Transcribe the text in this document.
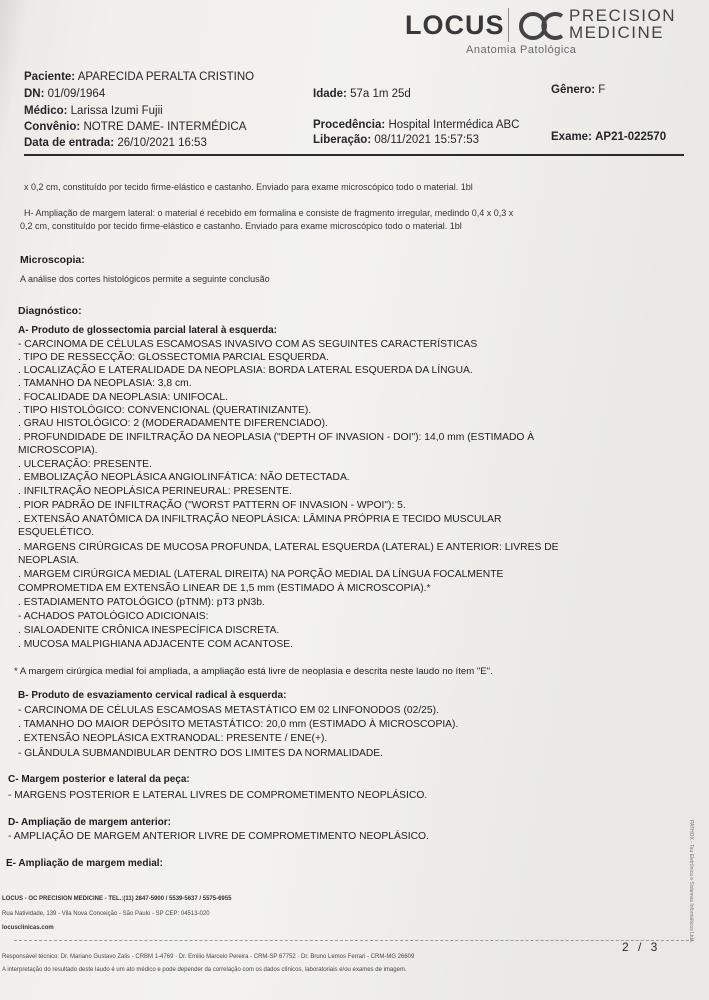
LOCUS	PRECISION
MEDICINE
Anatomia Patológica
Paciente: APARECIDA PERALTA CRISTINO
DN: 01/09/1964	Idade: 57a 1m 25d	Gênero: F
Médico: Larissa Izumi Fujii
Convênio: NOTRE DAME- INTERMÉDICA	Procedência: Hospital Intermédica ABC
Data de entrada: 26/10/2021 16:53	Liberação: 08/11/2021 15:57:53	Exame: AP21-022570
x 0,2 cm, constituído por tecido firme-elástico e castanho. Enviado para exame microscópico todo o material. 1bl
H- Ampliação de margem lateral: o material é recebido em formalina e consiste de fragmento irregular, medindo 0,4 x 0,3 x
0,2 cm, constituído por tecido firme-elástico e castanho. Enviado para exame microscópico todo o material. 1bl
Microscopia:
A análise dos cortes histológicos permite a seguinte conclusão
Diagnóstico:
A- Produto de glossectomia parcial lateral à esquerda:
- CARCINOMA DE CÉLULAS ESCAMOSAS INVASIVO COM AS SEGUINTES CARACTERÍSTICAS
. TIPO DE RESSECÇÃO: GLOSSECTOMIA PARCIAL ESQUERDA.
. LOCALIZAÇÃO E LATERALIDADE DA NEOPLASIA: BORDA LATERAL ESQUERDA DA LÍNGUA.
. TAMANHO DA NEOPLASIA: 3,8 cm.
. FOCALIDADE DA NEOPLASIA: UNIFOCAL.
. TIPO HISTOLÓGICO: CONVENCIONAL (QUERATINIZANTE).
. GRAU HISTOLÓGICO: 2 (MODERADAMENTE DIFERENCIADO).
. PROFUNDIDADE DE INFILTRAÇÃO DA NEOPLASIA ("DEPTH OF INVASION - DOI"): 14,0 mm (ESTIMADO À
MICROSCOPIA).
. ULCERAÇÃO: PRESENTE.
. EMBOLIZAÇÃO NEOPLÁSICA ANGIOLINFÁTICA: NÃO DETECTADA.
. INFILTRAÇÃO NEOPLÁSICA PERINEURAL: PRESENTE.
. PIOR PADRÃO DE INFILTRAÇÃO ("WORST PATTERN OF INVASION - WPOI"): 5.
. EXTENSÃO ANATÔMICA DA INFILTRAÇÃO NEOPLÁSICA: LÂMINA PRÓPRIA E TECIDO MUSCULAR
ESQUELÉTICO.
. MARGENS CIRÚRGICAS DE MUCOSA PROFUNDA, LATERAL ESQUERDA (LATERAL) E ANTERIOR: LIVRES DE
NEOPLASIA.
. MARGEM CIRÚRGICA MEDIAL (LATERAL DIREITA) NA PORÇÃO MEDIAL DA LÍNGUA FOCALMENTE
COMPROMETIDA EM EXTENSÃO LINEAR DE 1,5 mm (ESTIMADO À MICROSCOPIA).*
. ESTADIAMENTO PATOLÓGICO (pTNM): pT3 pN3b.
- ACHADOS PATOLÓGICO ADICIONAIS:
. SIALOADENITE CRÔNICA INESPECÍFICA DISCRETA.
. MUCOSA MALPIGHIANA ADJACENTE COM ACANTOSE.
* A margem cirúrgica medial foi ampliada, a ampliação está livre de neoplasia e descrita neste laudo no ítem "E".
B- Produto de esvaziamento cervical radical à esquerda:
- CARCINOMA DE CÉLULAS ESCAMOSAS METASTÁTICO EM 02 LINFONODOS (02/25).
. TAMANHO DO MAIOR DEPÓSITO METASTÁTICO: 20,0 mm (ESTIMADO À MICROSCOPIA).
. EXTENSÃO NEOPLÁSICA EXTRANODAL: PRESENTE / ENE(+).
- GLÂNDULA SUBMANDIBULAR DENTRO DOS LIMITES DA NORMALIDADE.
C- Margem posterior e lateral da peça:
- MARGENS POSTERIOR E LATERAL LIVRES DE COMPROMETIMENTO NEOPLÁSICO.
D- Ampliação de margem anterior:
- AMPLIAÇÃO DE MARGEM ANTERIOR LIVRE DE COMPROMETIMENTO NEOPLÁSICO.
E- Ampliação de margem medial:
LOCUS - OC PRECISION MEDICINE - TEL.:(11) 2847-5900 / 5539-5637 / 5575-6955
Rua Natividade, 139 - Vila Nova Conceição - São Paulo - SP CEP: 04513-020
locusclinicas.com
2 / 3
Responsável técnico: Dr. Mariano Gustavo Zalis - CRBM 1-4769 · Dr. Emilio Marcelo Pereira - CRM-SP 67752 · Dr. Bruno Lemos Ferrari - CRM-MG 26609
A interpretação do resultado deste laudo é um ato médico e pode depender da correlação com os dados clínicos, laboratoriais e/ou exames de imagem.
PATHOX - Tau Eletrônica e Sistemas Informáticos Ltda.
